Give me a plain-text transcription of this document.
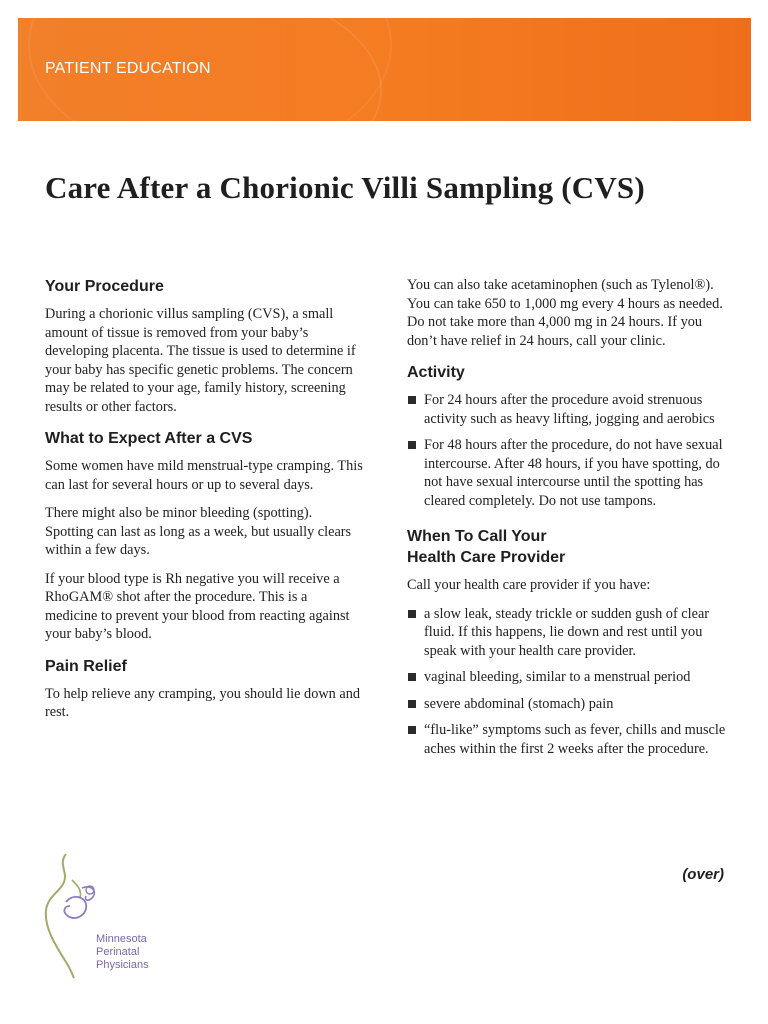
PATIENT EDUCATION
Care After a Chorionic Villi Sampling (CVS)
Your Procedure

During a chorionic villus sampling (CVS), a small amount of tissue is removed from your baby’s developing placenta. The tissue is used to determine if your baby has specific genetic problems. The concern may be related to your age, family history, screening results or other factors.

What to Expect After a CVS

Some women have mild menstrual-type cramping. This can last for several hours or up to several days.

There might also be minor bleeding (spotting). Spotting can last as long as a week, but usually clears within a few days.

If your blood type is Rh negative you will receive a RhoGAM® shot after the procedure. This is a medicine to prevent your blood from reacting against your baby’s blood.

Pain Relief

To help relieve any cramping, you should lie down and rest.

You can also take acetaminophen (such as Tylenol®). You can take 650 to 1,000 mg every 4 hours as needed. Do not take more than 4,000 mg in 24 hours. If you don’t have relief in 24 hours, call your clinic.

Activity
For 24 hours after the procedure avoid strenuous activity such as heavy lifting, jogging and aerobics
For 48 hours after the procedure, do not have sexual intercourse. After 48 hours, if you have spotting, do not have sexual intercourse until the spotting has cleared completely. Do not use tampons.
When To Call Your
Health Care Provider

Call your health care provider if you have:

a slow leak, steady trickle or sudden gush of clear fluid. If this happens, lie down and rest until you speak with your health care provider.
vaginal bleeding, similar to a menstrual period
severe abdominal (stomach) pain
“flu-like” symptoms such as fever, chills and muscle aches within the first 2 weeks after the procedure.
(over)
Minnesota
Perinatal
Physicians
